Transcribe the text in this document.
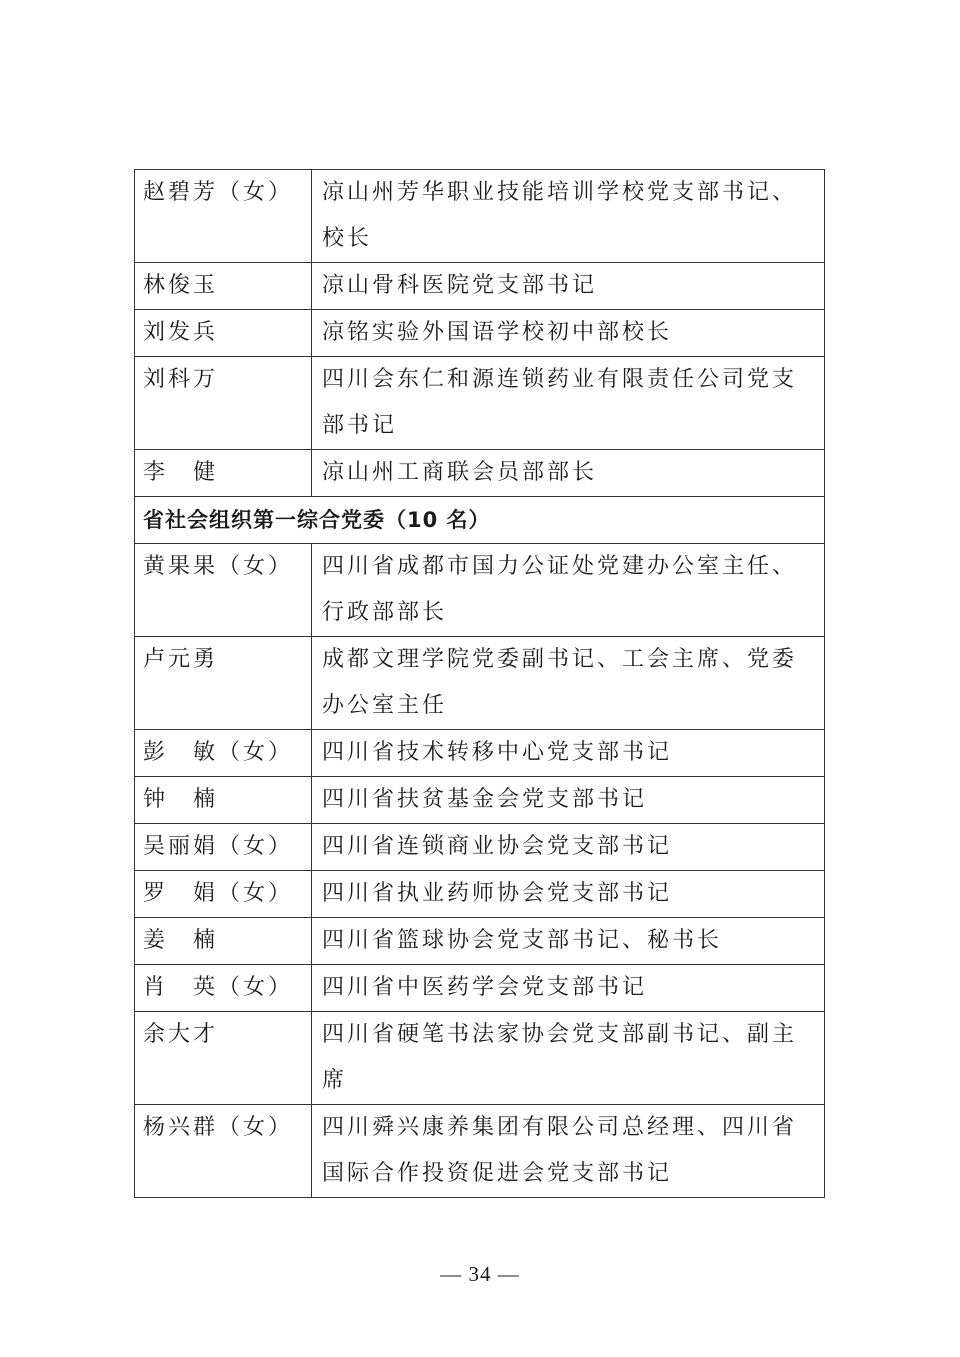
赵碧芳（女）	凉山州芳华职业技能培训学校党支部书记、校长
林俊玉	凉山骨科医院党支部书记
刘发兵	凉铭实验外国语学校初中部校长
刘科万	四川会东仁和源连锁药业有限责任公司党支部书记
李　健	凉山州工商联会员部部长
省社会组织第一综合党委（10 名）	
黄果果（女）	四川省成都市国力公证处党建办公室主任、行政部部长
卢元勇	成都文理学院党委副书记、工会主席、党委办公室主任
彭　敏（女）	四川省技术转移中心党支部书记
钟　楠	四川省扶贫基金会党支部书记
吴丽娟（女）	四川省连锁商业协会党支部书记
罗　娟（女）	四川省执业药师协会党支部书记
姜　楠	四川省篮球协会党支部书记、秘书长
肖　英（女）	四川省中医药学会党支部书记
余大才	四川省硬笔书法家协会党支部副书记、副主席
杨兴群（女）	四川舜兴康养集团有限公司总经理、四川省国际合作投资促进会党支部书记
— 34 —
